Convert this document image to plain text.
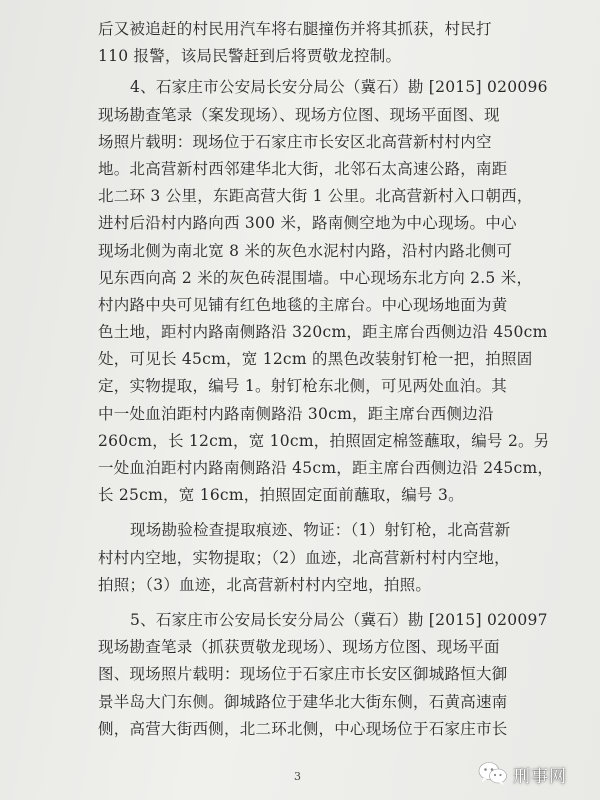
后又被追赶的村民用汽车将右腿撞伤并将其抓获，村民打
110 报警，该局民警赶到后将贾敬龙控制。
4、石家庄市公安局长安分局公（冀石）勘 [2015] 020096
现场勘查笔录（案发现场）、现场方位图、现场平面图、现
场照片载明：现场位于石家庄市长安区北高营新村村内空
地。北高营新村西邻建华北大街，北邻石太高速公路，南距
北二环 3 公里，东距高营大街 1 公里。北高营新村入口朝西，
进村后沿村内路向西 300 米，路南侧空地为中心现场。中心
现场北侧为南北宽 8 米的灰色水泥村内路，沿村内路北侧可
见东西向高 2 米的灰色砖混围墙。中心现场东北方向 2.5 米，
村内路中央可见铺有红色地毯的主席台。中心现场地面为黄
色土地，距村内路南侧路沿 320cm，距主席台西侧边沿 450cm
处，可见长 45cm，宽 12cm 的黑色改装射钉枪一把，拍照固
定，实物提取，编号 1。射钉枪东北侧，可见两处血泊。其
中一处血泊距村内路南侧路沿 30cm，距主席台西侧边沿
260cm，长 12cm，宽 10cm，拍照固定棉签蘸取，编号 2。另
一处血泊距村内路南侧路沿 45cm，距主席台西侧边沿 245cm，
长 25cm，宽 16cm，拍照固定面前蘸取，编号 3。
现场勘验检查提取痕迹、物证：（1）射钉枪，北高营新
村村内空地，实物提取；（2）血迹，北高营新村村内空地，
拍照；（3）血迹，北高营新村村内空地，拍照。
5、石家庄市公安局长安分局公（冀石）勘 [2015] 020097
现场勘查笔录（抓获贾敬龙现场）、现场方位图、现场平面
图、现场照片载明：现场位于石家庄市长安区御城路恒大御
景半岛大门东侧。御城路位于建华北大街东侧，石黄高速南
侧，高营大街西侧，北二环北侧，中心现场位于石家庄市长
3	刑事网
